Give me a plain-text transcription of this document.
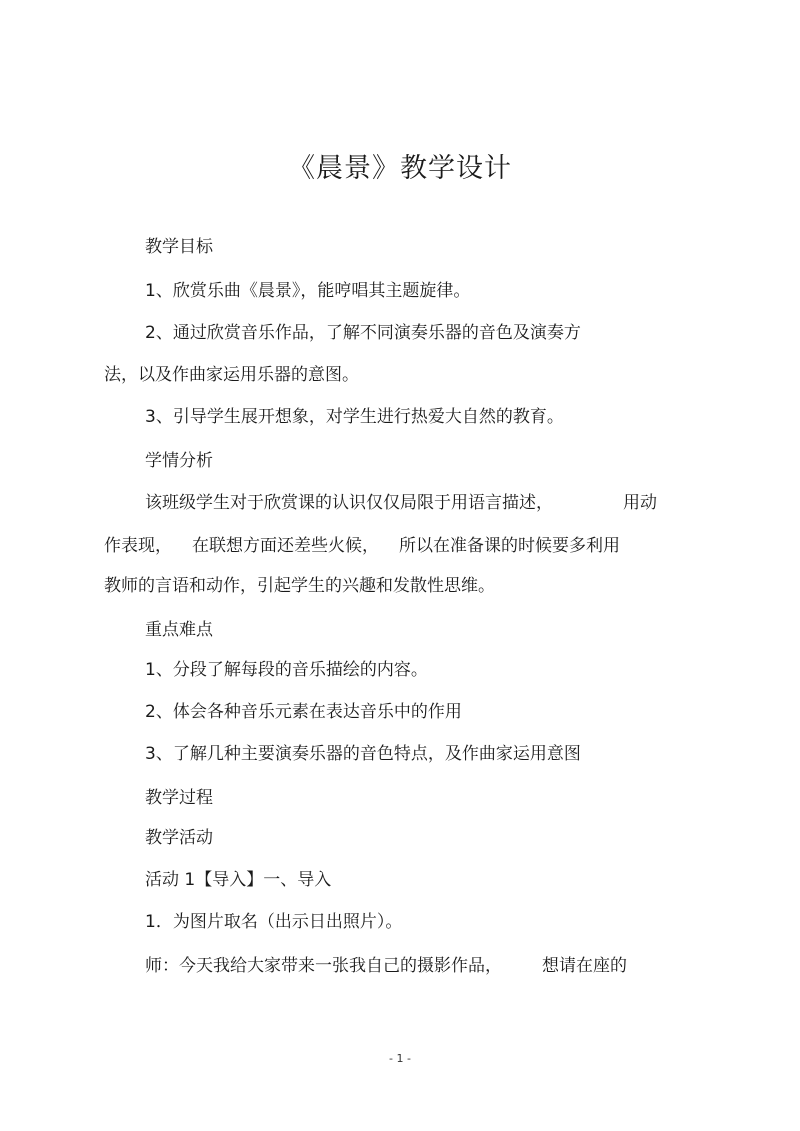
《晨景》教学设计
教学目标
1、欣赏乐曲《晨景》，能哼唱其主题旋律。
2、通过欣赏音乐作品，了解不同演奏乐器的音色及演奏方
法，以及作曲家运用乐器的意图。
3、引导学生展开想象，对学生进行热爱大自然的教育。
学情分析
该班级学生对于欣赏课的认识仅仅局限于用语言描述，	用动
作表现， 在联想方面还差些火候， 所以在准备课的时候要多利用
教师的言语和动作，引起学生的兴趣和发散性思维。
重点难点
1、分段了解每段的音乐描绘的内容。
2、体会各种音乐元素在表达音乐中的作用
3、了解几种主要演奏乐器的音色特点，及作曲家运用意图
教学过程
教学活动
活动 1【导入】一、导入
1．为图片取名（出示日出照片）。
师：今天我给大家带来一张我自己的摄影作品， 想请在座的
- 1 -
